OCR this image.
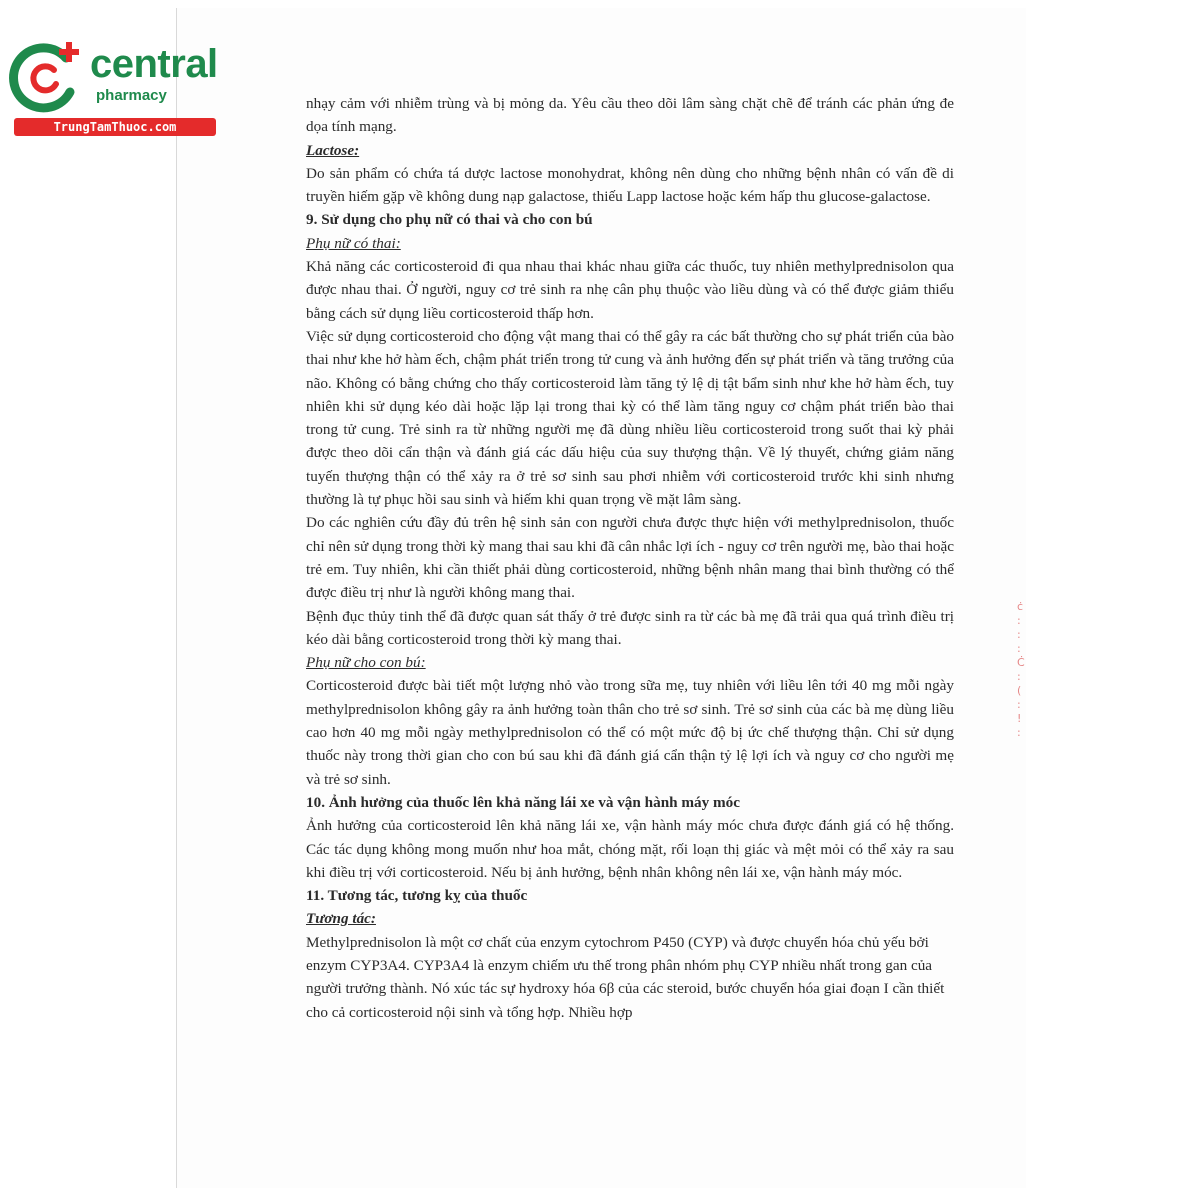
central
pharmacy
TrungTamThuoc.com

nhạy cảm với nhiễm trùng và bị mỏng da. Yêu cầu theo dõi lâm sàng chặt chẽ để tránh các phản ứng đe dọa tính mạng.

Lactose:

Do sản phẩm có chứa tá dược lactose monohydrat, không nên dùng cho những bệnh nhân có vấn đề di truyền hiếm gặp về không dung nạp galactose, thiếu Lapp lactose hoặc kém hấp thu glucose-galactose.

9. Sử dụng cho phụ nữ có thai và cho con bú

Phụ nữ có thai:

Khả năng các corticosteroid đi qua nhau thai khác nhau giữa các thuốc, tuy nhiên methylprednisolon qua được nhau thai. Ở người, nguy cơ trẻ sinh ra nhẹ cân phụ thuộc vào liều dùng và có thể được giảm thiểu bằng cách sử dụng liều corticosteroid thấp hơn.

Việc sử dụng corticosteroid cho động vật mang thai có thể gây ra các bất thường cho sự phát triển của bào thai như khe hở hàm ếch, chậm phát triển trong tử cung và ảnh hưởng đến sự phát triển và tăng trưởng của não. Không có bằng chứng cho thấy corticosteroid làm tăng tỷ lệ dị tật bẩm sinh như khe hở hàm ếch, tuy nhiên khi sử dụng kéo dài hoặc lặp lại trong thai kỳ có thể làm tăng nguy cơ chậm phát triển bào thai trong tử cung. Trẻ sinh ra từ những người mẹ đã dùng nhiều liều corticosteroid trong suốt thai kỳ phải được theo dõi cẩn thận và đánh giá các dấu hiệu của suy thượng thận. Về lý thuyết, chứng giảm năng tuyến thượng thận có thể xảy ra ở trẻ sơ sinh sau phơi nhiễm với corticosteroid trước khi sinh nhưng thường là tự phục hồi sau sinh và hiếm khi quan trọng về mặt lâm sàng.

Do các nghiên cứu đầy đủ trên hệ sinh sản con người chưa được thực hiện với methylprednisolon, thuốc chỉ nên sử dụng trong thời kỳ mang thai sau khi đã cân nhắc lợi ích - nguy cơ trên người mẹ, bào thai hoặc trẻ em. Tuy nhiên, khi cần thiết phải dùng corticosteroid, những bệnh nhân mang thai bình thường có thể được điều trị như là người không mang thai.

Bệnh đục thủy tinh thể đã được quan sát thấy ở trẻ được sinh ra từ các bà mẹ đã trải qua quá trình điều trị kéo dài bằng corticosteroid trong thời kỳ mang thai.

Phụ nữ cho con bú:

Corticosteroid được bài tiết một lượng nhỏ vào trong sữa mẹ, tuy nhiên với liều lên tới 40 mg mỗi ngày methylprednisolon không gây ra ảnh hưởng toàn thân cho trẻ sơ sinh. Trẻ sơ sinh của các bà mẹ dùng liều cao hơn 40 mg mỗi ngày methylprednisolon có thể có một mức độ bị ức chế thượng thận. Chỉ sử dụng thuốc này trong thời gian cho con bú sau khi đã đánh giá cẩn thận tỷ lệ lợi ích và nguy cơ cho người mẹ và trẻ sơ sinh.

10. Ảnh hưởng của thuốc lên khả năng lái xe và vận hành máy móc

Ảnh hưởng của corticosteroid lên khả năng lái xe, vận hành máy móc chưa được đánh giá có hệ thống. Các tác dụng không mong muốn như hoa mắt, chóng mặt, rối loạn thị giác và mệt mỏi có thể xảy ra sau khi điều trị với corticosteroid. Nếu bị ảnh hưởng, bệnh nhân không nên lái xe, vận hành máy móc.

11. Tương tác, tương kỵ của thuốc

Tương tác:

Methylprednisolon là một cơ chất của enzym cytochrom P450 (CYP) và được chuyển hóa chủ yếu bởi enzym CYP3A4. CYP3A4 là enzym chiếm ưu thế trong phân nhóm phụ CYP nhiều nhất trong gan của người trưởng thành. Nó xúc tác sự hydroxy hóa 6β của các steroid, bước chuyển hóa giai đoạn I cần thiết cho cả corticosteroid nội sinh và tổng hợp. Nhiều hợp

ċ
:
:
:
Ċ
:
(
:
!
:
